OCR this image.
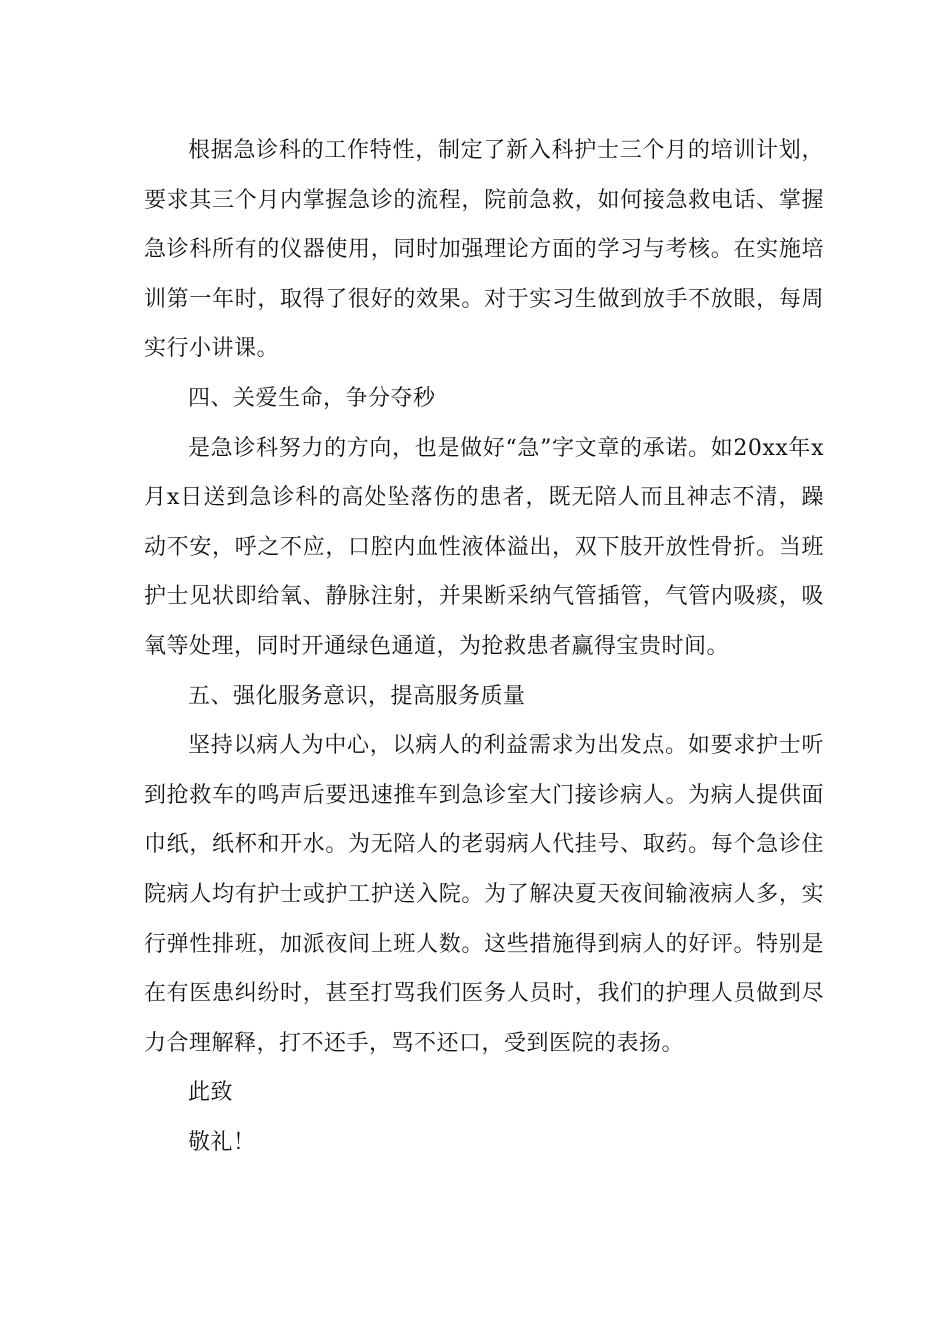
根据急诊科的工作特性，制定了新入科护士三个月的培训计划，要求其三个月内掌握急诊的流程，院前急救，如何接急救电话、掌握急诊科所有的仪器使用，同时加强理论方面的学习与考核。在实施培训第一年时，取得了很好的效果。对于实习生做到放手不放眼，每周实行小讲课。

四、关爱生命，争分夺秒

是急诊科努力的方向，也是做好“急”字文章的承诺。如20xx年x月x日送到急诊科的高处坠落伤的患者，既无陪人而且神志不清，躁动不安，呼之不应，口腔内血性液体溢出，双下肢开放性骨折。当班护士见状即给氧、静脉注射，并果断采纳气管插管，气管内吸痰，吸氧等处理，同时开通绿色通道，为抢救患者赢得宝贵时间。

五、强化服务意识，提高服务质量

坚持以病人为中心，以病人的利益需求为出发点。如要求护士听到抢救车的鸣声后要迅速推车到急诊室大门接诊病人。为病人提供面巾纸，纸杯和开水。为无陪人的老弱病人代挂号、取药。每个急诊住院病人均有护士或护工护送入院。为了解决夏天夜间输液病人多，实行弹性排班，加派夜间上班人数。这些措施得到病人的好评。特别是在有医患纠纷时，甚至打骂我们医务人员时，我们的护理人员做到尽力合理解释，打不还手，骂不还口，受到医院的表扬。

此致

敬礼！
